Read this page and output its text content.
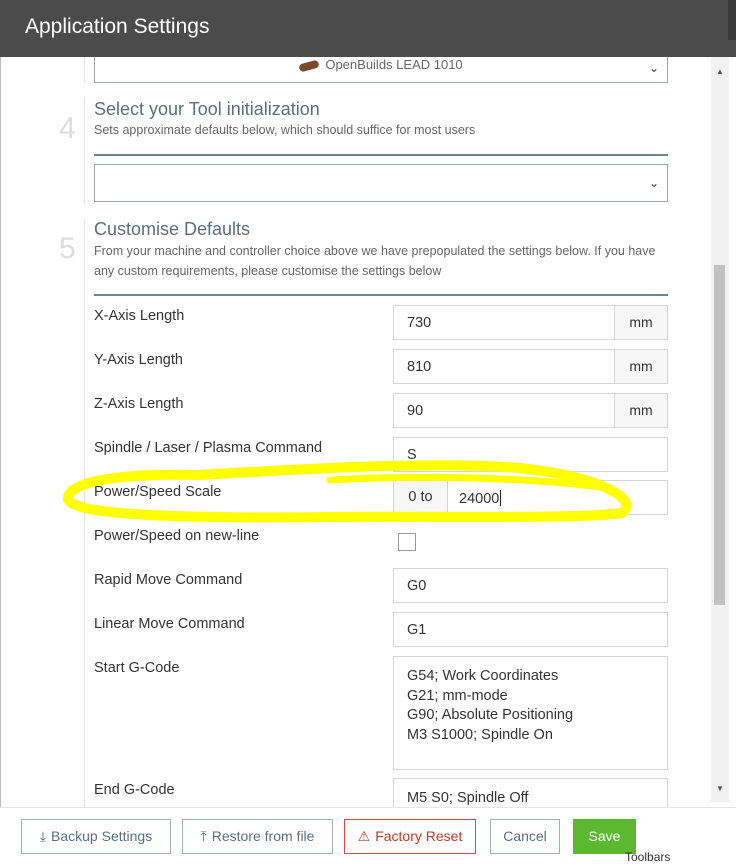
Application Settings
OpenBuilds LEAD 1010	⌄
4
Select your Tool initialization
Sets approximate defaults below, which should suffice for most users
⌄
5
Customise Defaults
From your machine and controller choice above we have prepopulated the settings below. If you have any custom requirements, please customise the settings below
X-Axis Length	730	mm
Y-Axis Length	810	mm
Z-Axis Length	90	mm
Spindle / Laser / Plasma Command	S
Power/Speed Scale	0 to	24000
Power/Speed on new-line
Rapid Move Command	G0
Linear Move Command	G1
Start G-Code	G54; Work Coordinates
G21; mm-mode
G90; Absolute Positioning
M3 S1000; Spindle On
End G-Code	M5 S0; Spindle Off
▲
▼
⤓ Backup Settings	⤒ Restore from file	⚠ Factory Reset	Cancel	Save
Toolbars
